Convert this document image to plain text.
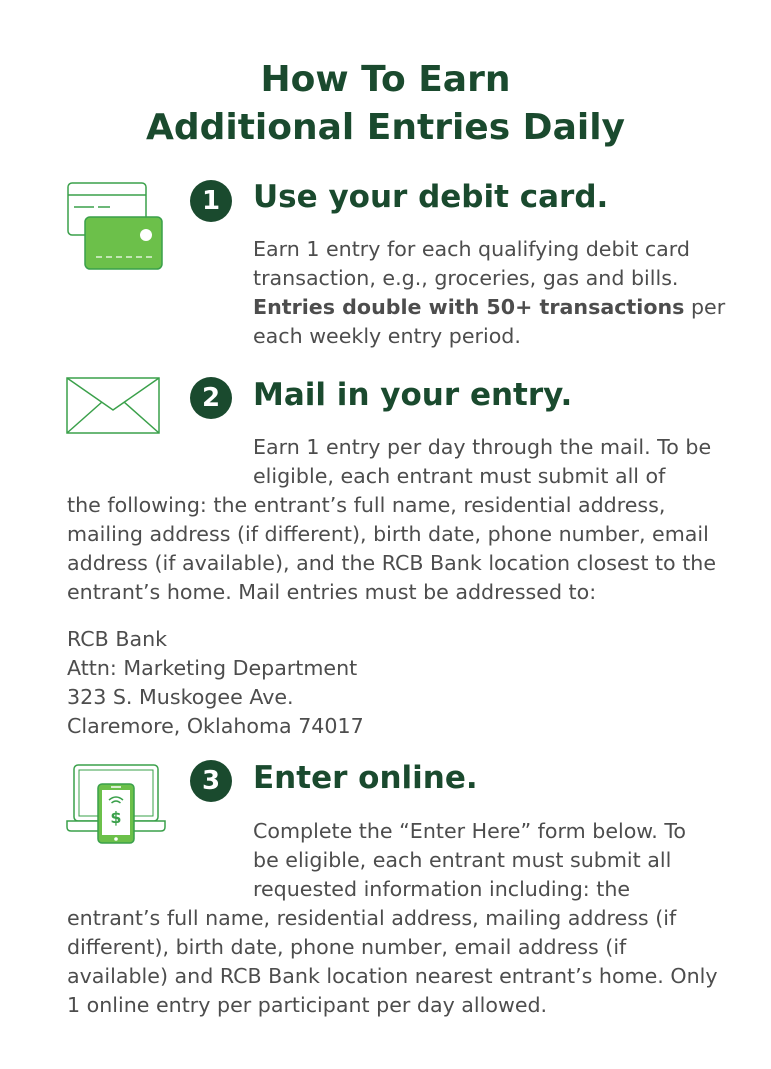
How To Earn
Additional Entries Daily
1	Use your debit card.

Earn 1 entry for each qualifying debit card

transaction, e.g., groceries, gas and bills.

Entries double with 50+ transactions per

each weekly entry period.

2	Mail in your entry.

Earn 1 entry per day through the mail. To be

eligible, each entrant must submit all of

the following: the entrant’s full name, residential address,

mailing address (if different), birth date, phone number, email

address (if available), and the RCB Bank location closest to the

entrant’s home. Mail entries must be addressed to:

RCB Bank

Attn: Marketing Department

323 S. Muskogee Ave.

Claremore, Oklahoma 74017

$
3	Enter online.

Complete the “Enter Here” form below. To

be eligible, each entrant must submit all

requested information including: the

entrant’s full name, residential address, mailing address (if

different), birth date, phone number, email address (if

available) and RCB Bank location nearest entrant’s home. Only

1 online entry per participant per day allowed.
